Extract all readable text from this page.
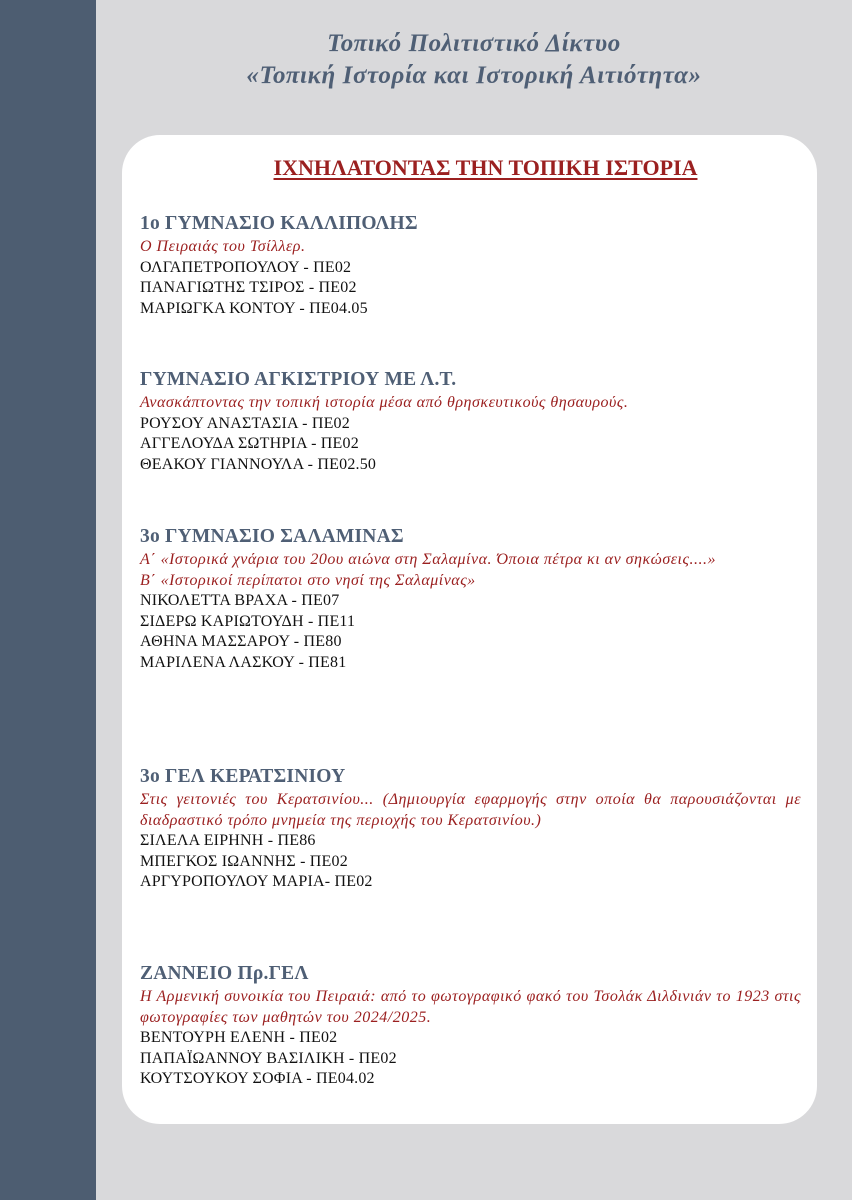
Τοπικό Πολιτιστικό Δίκτυο
«Τοπική Ιστορία και Ιστορική Αιτιότητα»
ΙΧΝΗΛΑΤΟΝΤΑΣ ΤΗΝ ΤΟΠΙΚΗ ΙΣΤΟΡΙΑ
1ο ΓΥΜΝΑΣΙΟ ΚΑΛΛΙΠΟΛΗΣ
Ο Πειραιάς του Τσίλλερ.
ΟΛΓΑΠΕΤΡΟΠΟΥΛΟΥ - ΠΕ02
ΠΑΝΑΓΙΩΤΗΣ ΤΣΙΡΟΣ - ΠΕ02
ΜΑΡΙΩΓΚΑ ΚΟΝΤΟΥ - ΠΕ04.05
ΓΥΜΝΑΣΙΟ ΑΓΚΙΣΤΡΙΟΥ ΜΕ Λ.Τ.
Ανασκάπτοντας την τοπική ιστορία μέσα από θρησκευτικούς θησαυρούς.
ΡΟΥΣΟΥ ΑΝΑΣΤΑΣΙΑ - ΠΕ02
ΑΓΓΕΛΟΥΔΑ ΣΩΤΗΡΙΑ - ΠΕ02
ΘΕΑΚΟΥ ΓΙΑΝΝΟΥΛΑ - ΠΕ02.50
3ο ΓΥΜΝΑΣΙΟ ΣΑΛΑΜΙΝΑΣ
Α΄ «Ιστορικά χνάρια του 20ου αιώνα στη Σαλαμίνα. Όποια πέτρα κι αν σηκώσεις....»
Β΄ «Ιστορικοί περίπατοι στο νησί της Σαλαμίνας»
ΝΙΚΟΛΕΤΤΑ ΒΡΑΧΑ - ΠΕ07
ΣΙΔΕΡΩ ΚΑΡΙΩΤΟΥΔΗ - ΠΕ11
ΑΘΗΝΑ ΜΑΣΣΑΡΟΥ - ΠΕ80
ΜΑΡΙΛΕΝΑ ΛΑΣΚΟΥ - ΠΕ81
3ο ΓΕΛ ΚΕΡΑΤΣΙΝΙΟΥ
Στις γειτονιές του Κερατσινίου... (Δημιουργία εφαρμογής στην οποία θα παρουσιάζονται με διαδραστικό τρόπο μνημεία της περιοχής του Κερατσινίου.)
ΣΙΛΕΛΑ ΕΙΡΗΝΗ - ΠΕ86
ΜΠΕΓΚΟΣ ΙΩΑΝΝΗΣ - ΠΕ02
ΑΡΓΥΡΟΠΟΥΛΟΥ ΜΑΡΙΑ- ΠΕ02
ΖΑΝΝΕΙΟ Πρ.ΓΕΛ
Η Αρμενική συνοικία του Πειραιά: από το φωτογραφικό φακό του Τσολάκ Διλδινιάν το 1923 στις φωτογραφίες των μαθητών του 2024/2025.
ΒΕΝΤΟΥΡΗ ΕΛΕΝΗ - ΠΕ02
ΠΑΠΑΪΩΑΝΝΟΥ ΒΑΣΙΛΙΚΗ - ΠΕ02
ΚΟΥΤΣΟΥΚΟΥ ΣΟΦΙΑ - ΠΕ04.02
